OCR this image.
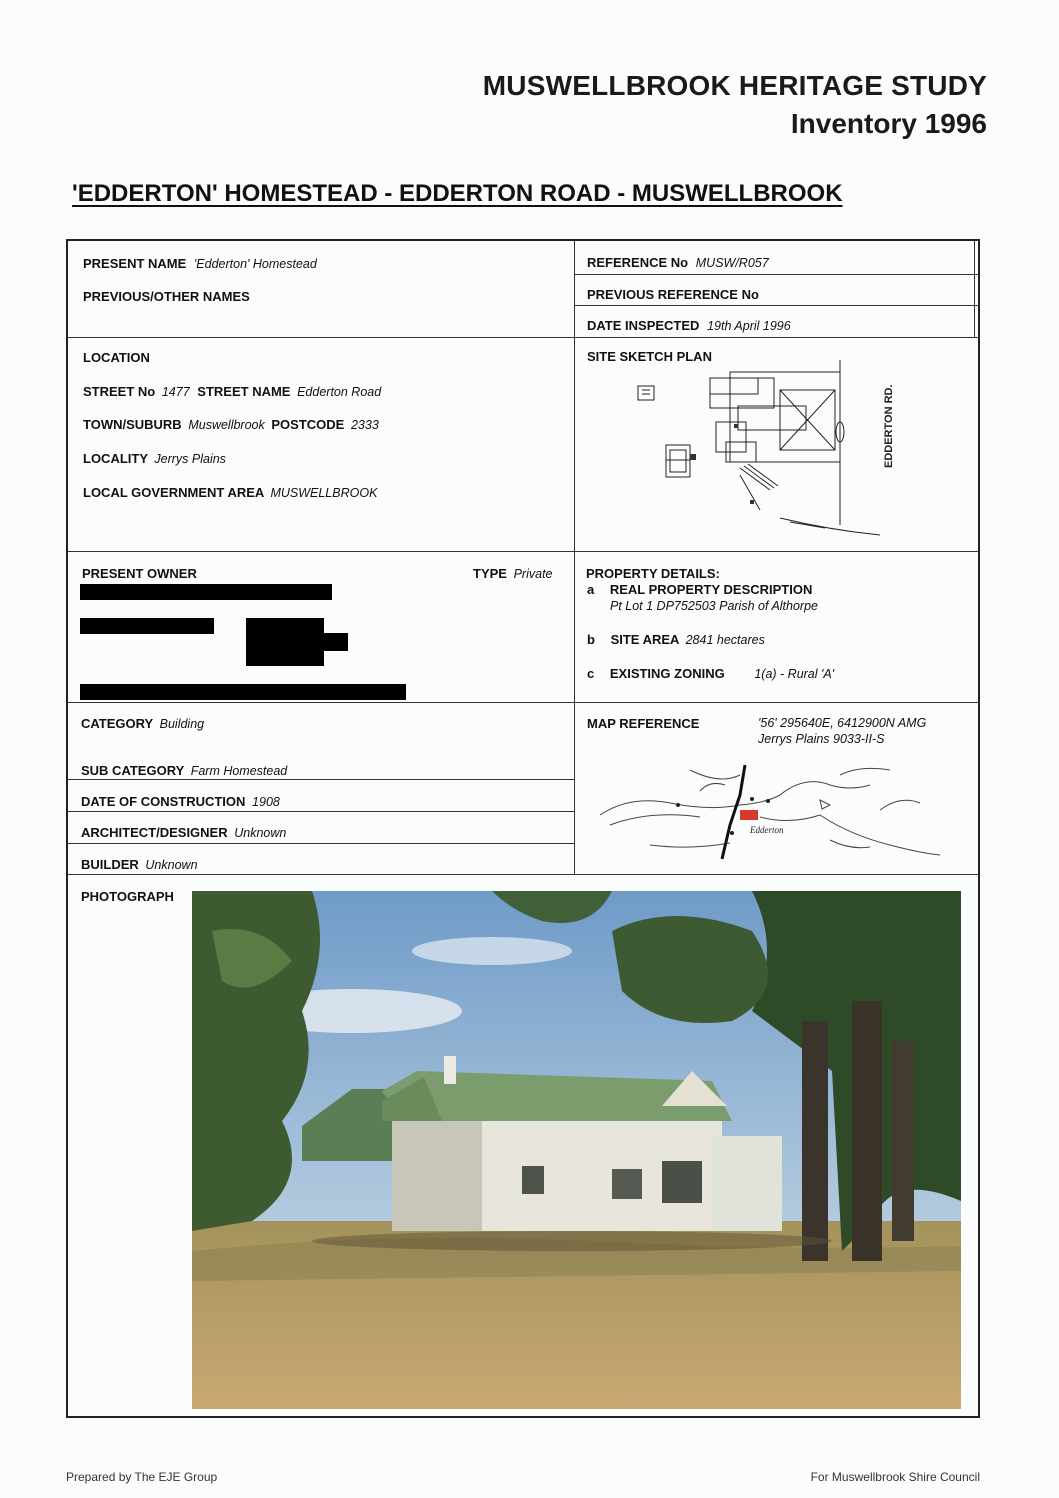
MUSWELLBROOK HERITAGE STUDY
Inventory 1996
'EDDERTON' HOMESTEAD - EDDERTON ROAD - MUSWELLBROOK
PRESENT NAME 'Edderton' Homestead
PREVIOUS/OTHER NAMES
REFERENCE No MUSW/R057
PREVIOUS REFERENCE No
DATE INSPECTED 19th April 1996
LOCATION
STREET No 1477 STREET NAME Edderton Road
TOWN/SUBURB Muswellbrook POSTCODE 2333
LOCALITY Jerrys Plains
LOCAL GOVERNMENT AREA MUSWELLBROOK
SITE SKETCH PLAN
EDDERTON RD.
PRESENT OWNER	TYPE Private	PROPERTY DETAILS:
a REAL PROPERTY DESCRIPTION
Pt Lot 1 DP752503 Parish of Althorpe
b SITE AREA 2841 hectares
c EXISTING ZONING 1(a) - Rural 'A'
CATEGORY Building
SUB CATEGORY Farm Homestead
DATE OF CONSTRUCTION 1908
ARCHITECT/DESIGNER Unknown
BUILDER Unknown
MAP REFERENCE	'56' 295640E, 6412900N AMG
Jerrys Plains 9033-II-S
Edderton
PHOTOGRAPH
Prepared by The EJE Group	For Muswellbrook Shire Council
